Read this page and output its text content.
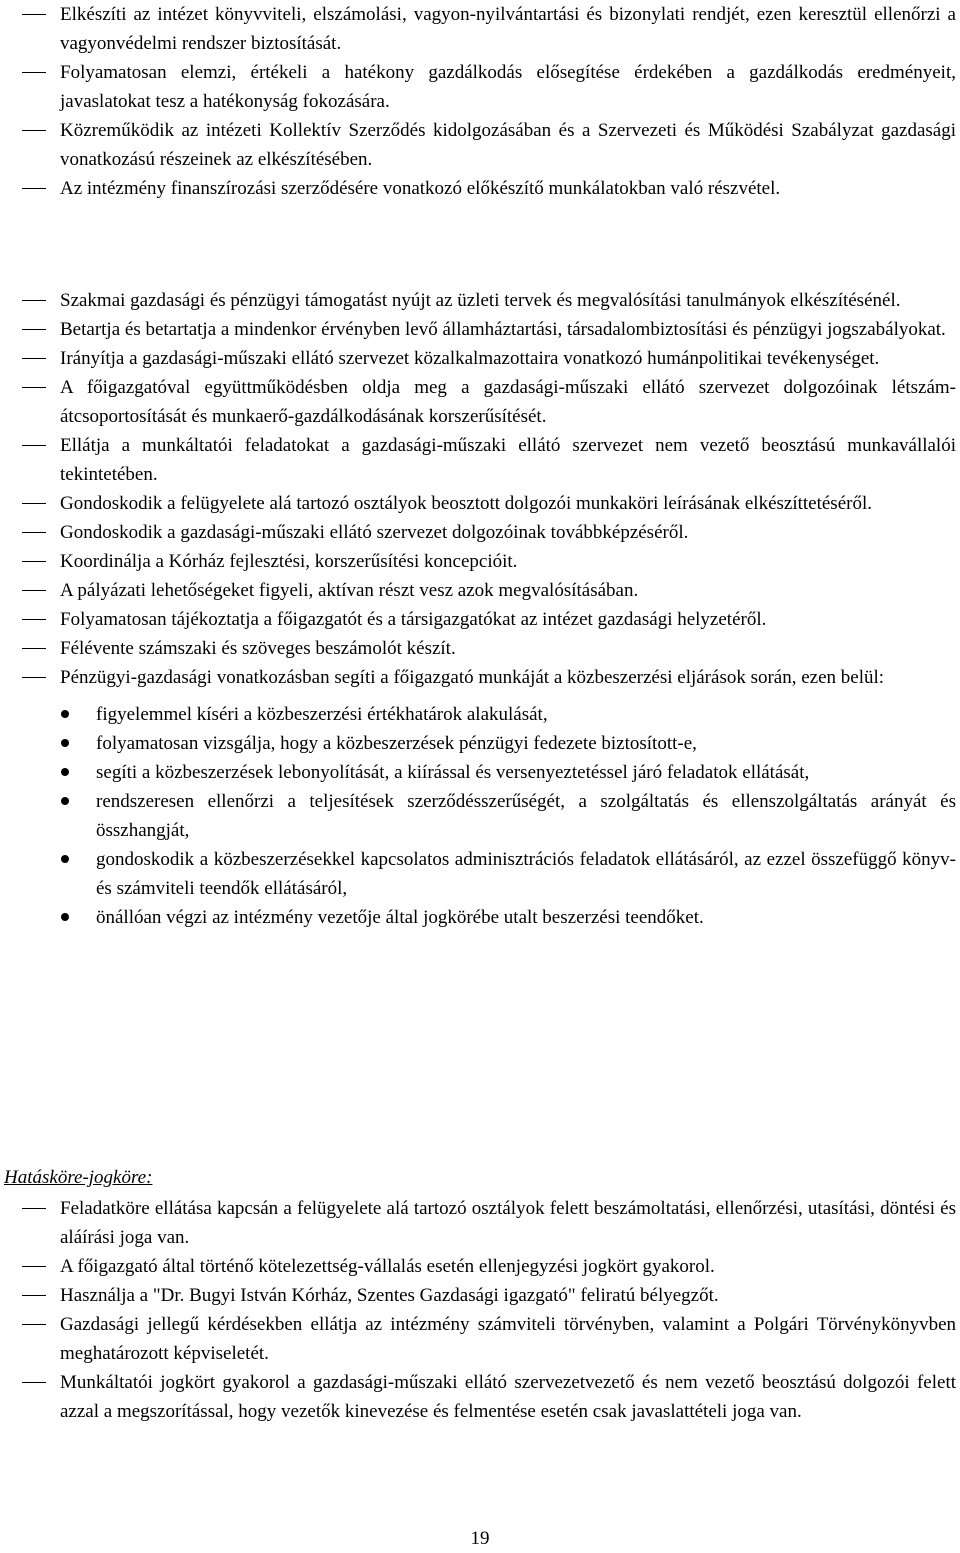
Elkészíti az intézet könyvviteli, elszámolási, vagyon-nyilvántartási és bizonylati rendjét, ezen keresztül ellenőrzi a vagyonvédelmi rendszer biztosítását.
Folyamatosan elemzi, értékeli a hatékony gazdálkodás elősegítése érdekében a gazdálkodás eredményeit, javaslatokat tesz a hatékonyság fokozására.
Közreműködik az intézeti Kollektív Szerződés kidolgozásában és a Szervezeti és Működési Szabályzat gazdasági vonatkozású részeinek az elkészítésében.
Az intézmény finanszírozási szerződésére vonatkozó előkészítő munkálatokban való részvétel.
Szakmai gazdasági és pénzügyi támogatást nyújt az üzleti tervek és megvalósítási tanulmányok elkészítésénél.
Betartja és betartatja a mindenkor érvényben levő államháztartási, társadalombiztosítási és pénzügyi jogszabályokat.
Irányítja a gazdasági-műszaki ellátó szervezet közalkalmazottaira vonatkozó humánpolitikai tevékenységet.
A főigazgatóval együttműködésben oldja meg a gazdasági-műszaki ellátó szervezet dolgozóinak létszám-átcsoportosítását és munkaerő-gazdálkodásának korszerűsítését.
Ellátja a munkáltatói feladatokat a gazdasági-műszaki ellátó szervezet nem vezető beosztású munkavállalói tekintetében.
Gondoskodik a felügyelete alá tartozó osztályok beosztott dolgozói munkaköri leírásának elkészíttetéséről.
Gondoskodik a gazdasági-műszaki ellátó szervezet dolgozóinak továbbképzéséről.
Koordinálja a Kórház fejlesztési, korszerűsítési koncepcióit.
A pályázati lehetőségeket figyeli, aktívan részt vesz azok megvalósításában.
Folyamatosan tájékoztatja a főigazgatót és a társigazgatókat az intézet gazdasági helyzetéről.
Félévente számszaki és szöveges beszámolót készít.
Pénzügyi-gazdasági vonatkozásban segíti a főigazgató munkáját a közbeszerzési eljárások során, ezen belül:
figyelemmel kíséri a közbeszerzési értékhatárok alakulását,
folyamatosan vizsgálja, hogy a közbeszerzések pénzügyi fedezete biztosított-e,
segíti a közbeszerzések lebonyolítását, a kiírással és versenyeztetéssel járó feladatok ellátását,
rendszeresen ellenőrzi a teljesítések szerződésszerűségét, a szolgáltatás és ellenszolgáltatás arányát és összhangját,
gondoskodik a közbeszerzésekkel kapcsolatos adminisztrációs feladatok ellátásáról, az ezzel összefüggő könyv- és számviteli teendők ellátásáról,
önállóan végzi az intézmény vezetője által jogkörébe utalt beszerzési teendőket.
Hatásköre-jogköre:
Feladatköre ellátása kapcsán a felügyelete alá tartozó osztályok felett beszámoltatási, ellenőrzési, utasítási, döntési és aláírási joga van.
A főigazgató által történő kötelezettség-vállalás esetén ellenjegyzési jogkört gyakorol.
Használja a "Dr. Bugyi István Kórház, Szentes Gazdasági igazgató" feliratú bélyegzőt.
Gazdasági jellegű kérdésekben ellátja az intézmény számviteli törvényben, valamint a Polgári Törvénykönyvben meghatározott képviseletét.
Munkáltatói jogkört gyakorol a gazdasági-műszaki ellátó szervezetvezető és nem vezető beosztású dolgozói felett azzal a megszorítással, hogy vezetők kinevezése és felmentése esetén csak javaslattételi joga van.
19
